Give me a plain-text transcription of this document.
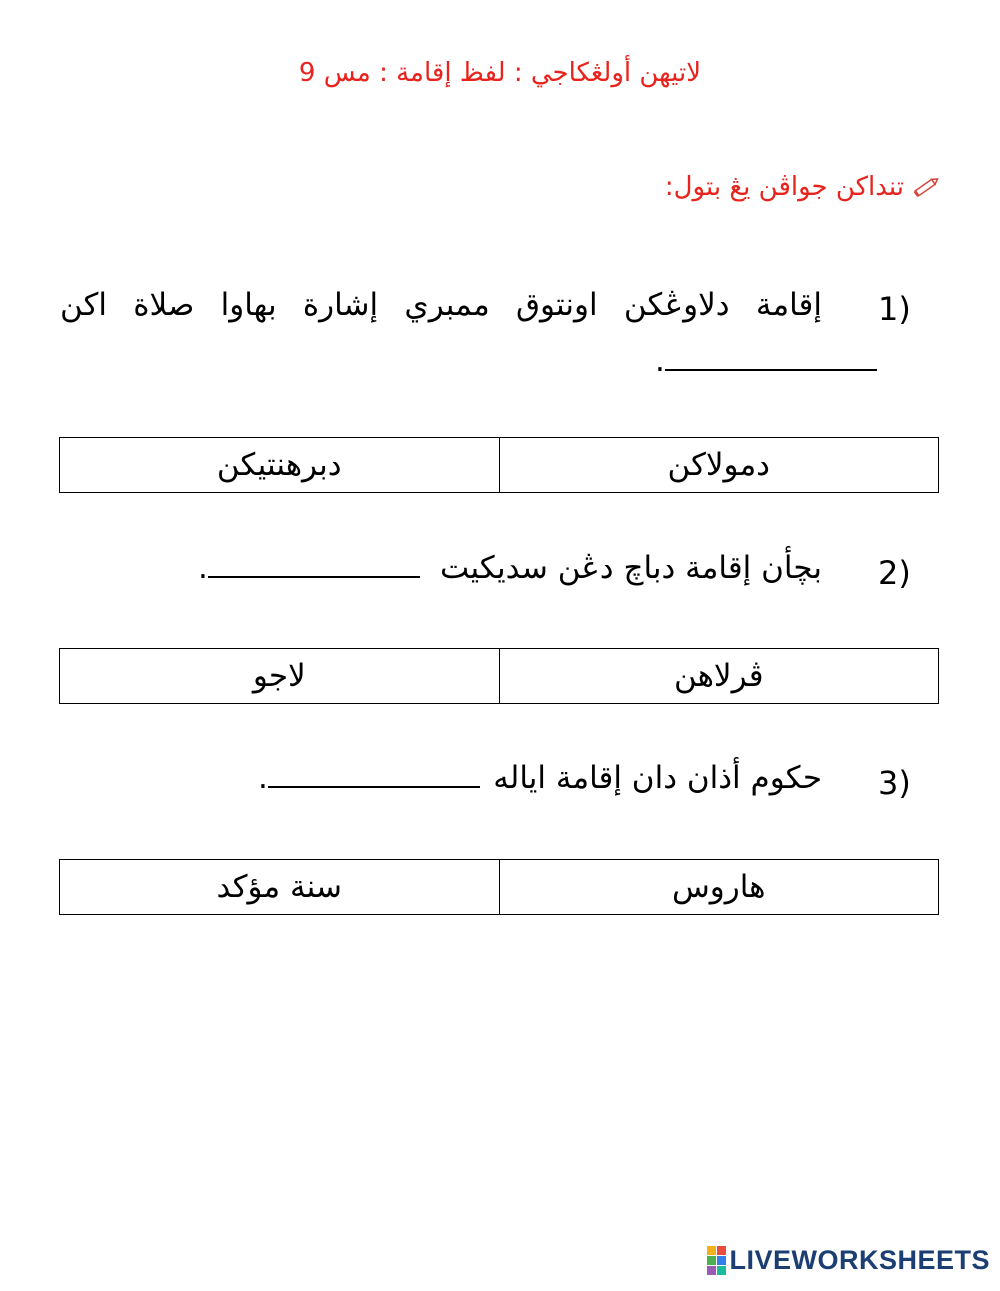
لاتيهن أولڠكاجي : لفظ إقامة : مس 9
تنداكن جواڤن يڠ بتول:
1)
إقامة دلاوڠكن اونتوق ممبري إشارة بهاوا صلاة اكن
.
دبرهنتيكن	دمولاكن
2)
بچأن إقامة دباچ دڠن سديكيت
.
لاجو	ڤرلاهن
3)
حكوم أذان دان إقامة اياله
.
سنة مؤكد	هاروس
LIVEWORKSHEETS
